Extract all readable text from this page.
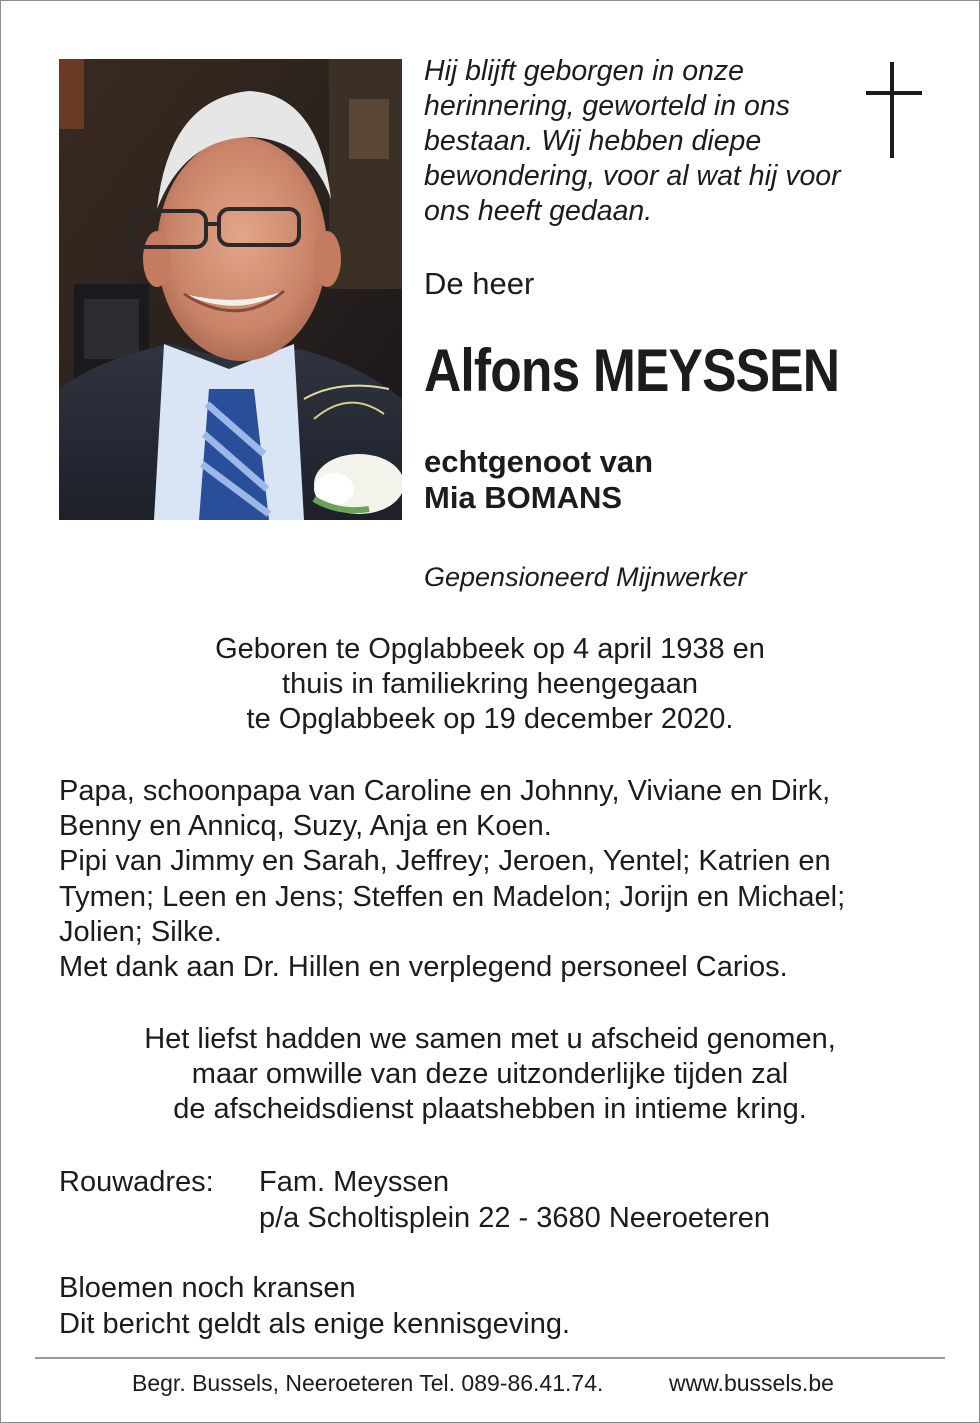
Hij blijft geborgen in onze
herinnering, geworteld in ons
bestaan. Wij hebben diepe
bewondering, voor al wat hij voor
ons heeft gedaan.

De heer

Alfons MEYSSEN

echtgenoot van
Mia BOMANS

Gepensioneerd Mijnwerker

Geboren te Opglabbeek op 4 april 1938 en
thuis in familiekring heengegaan
te Opglabbeek op 19 december 2020.

Papa, schoonpapa van Caroline en Johnny, Viviane en Dirk,
Benny en Annicq, Suzy, Anja en Koen.
Pipi van Jimmy en Sarah, Jeffrey; Jeroen, Yentel; Katrien en
Tymen; Leen en Jens; Steffen en Madelon; Jorijn en Michael;
Jolien; Silke.
Met dank aan Dr. Hillen en verplegend personeel Carios.

Het liefst hadden we samen met u afscheid genomen,
maar omwille van deze uitzonderlijke tijden zal
de afscheidsdienst plaatshebben in intieme kring.

Rouwadres: Fam. Meyssen
p/a Scholtisplein 22 - 3680 Neeroeteren

Bloemen noch kransen
Dit bericht geldt als enige kennisgeving.

Begr. Bussels, Neeroeteren Tel. 089-86.41.74.	www.bussels.be
